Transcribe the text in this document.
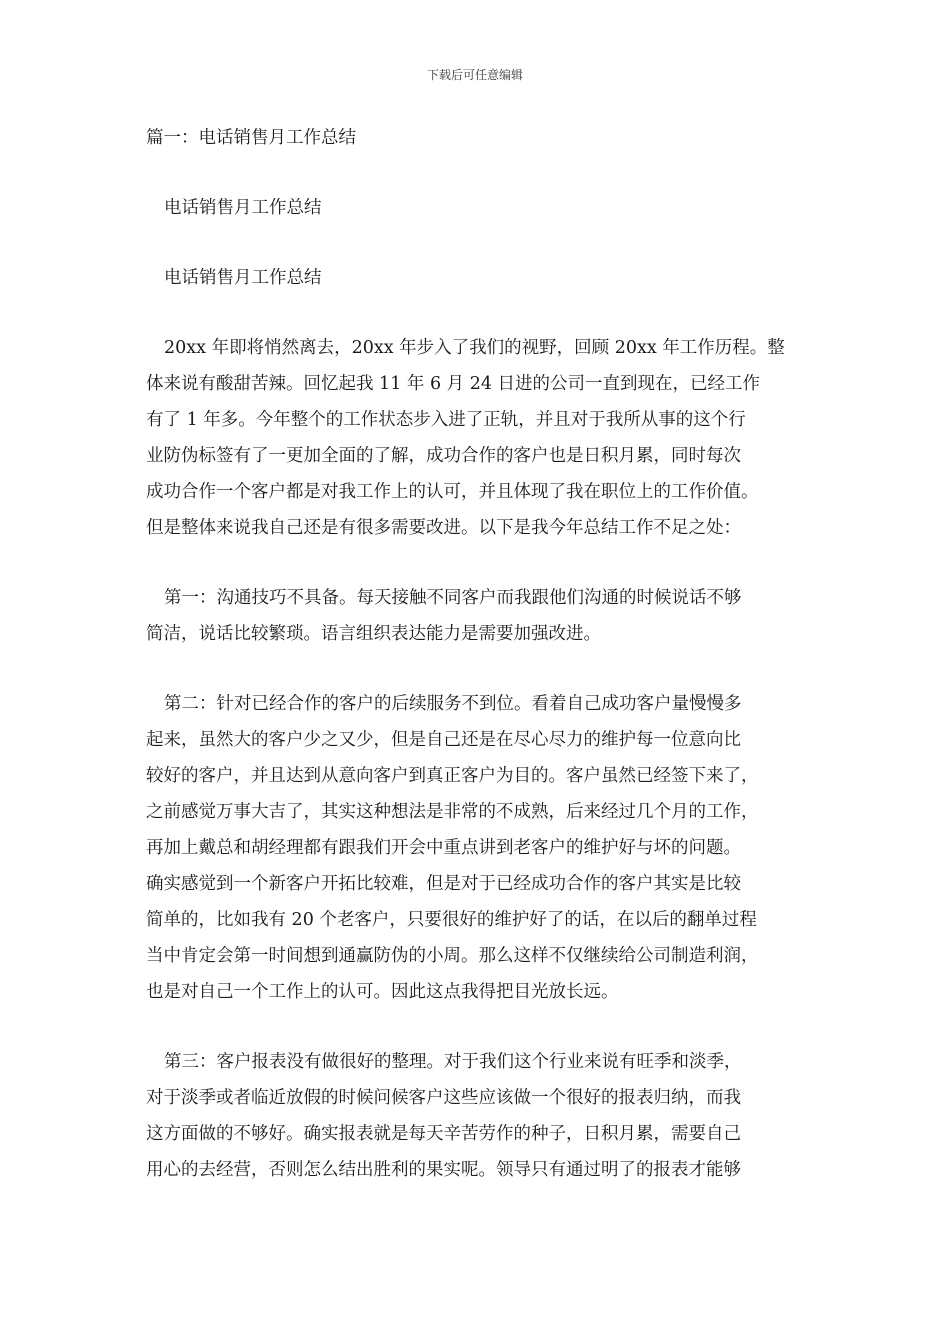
下载后可任意编辑

篇一：电话销售月工作总结

电话销售月工作总结

电话销售月工作总结

20xx 年即将悄然离去，20xx 年步入了我们的视野，回顾 20xx 年工作历程。整
体来说有酸甜苦辣。回忆起我 11 年 6 月 24 日进的公司一直到现在，已经工作
有了 1 年多。今年整个的工作状态步入进了正轨，并且对于我所从事的这个行
业防伪标签有了一更加全面的了解，成功合作的客户也是日积月累，同时每次
成功合作一个客户都是对我工作上的认可，并且体现了我在职位上的工作价值。
但是整体来说我自己还是有很多需要改进。以下是我今年总结工作不足之处：
第一：沟通技巧不具备。每天接触不同客户而我跟他们沟通的时候说话不够
简洁，说话比较繁琐。语言组织表达能力是需要加强改进。
第二：针对已经合作的客户的后续服务不到位。看着自己成功客户量慢慢多
起来，虽然大的客户少之又少，但是自己还是在尽心尽力的维护每一位意向比
较好的客户，并且达到从意向客户到真正客户为目的。客户虽然已经签下来了，
之前感觉万事大吉了，其实这种想法是非常的不成熟，后来经过几个月的工作，
再加上戴总和胡经理都有跟我们开会中重点讲到老客户的维护好与坏的问题。
确实感觉到一个新客户开拓比较难，但是对于已经成功合作的客户其实是比较
简单的，比如我有 20 个老客户，只要很好的维护好了的话，在以后的翻单过程
当中肯定会第一时间想到通赢防伪的小周。那么这样不仅继续给公司制造利润，
也是对自己一个工作上的认可。因此这点我得把目光放长远。
第三：客户报表没有做很好的整理。对于我们这个行业来说有旺季和淡季，
对于淡季或者临近放假的时候问候客户这些应该做一个很好的报表归纳，而我
这方面做的不够好。确实报表就是每天辛苦劳作的种子，日积月累，需要自己
用心的去经营，否则怎么结出胜利的果实呢。领导只有通过明了的报表才能够
